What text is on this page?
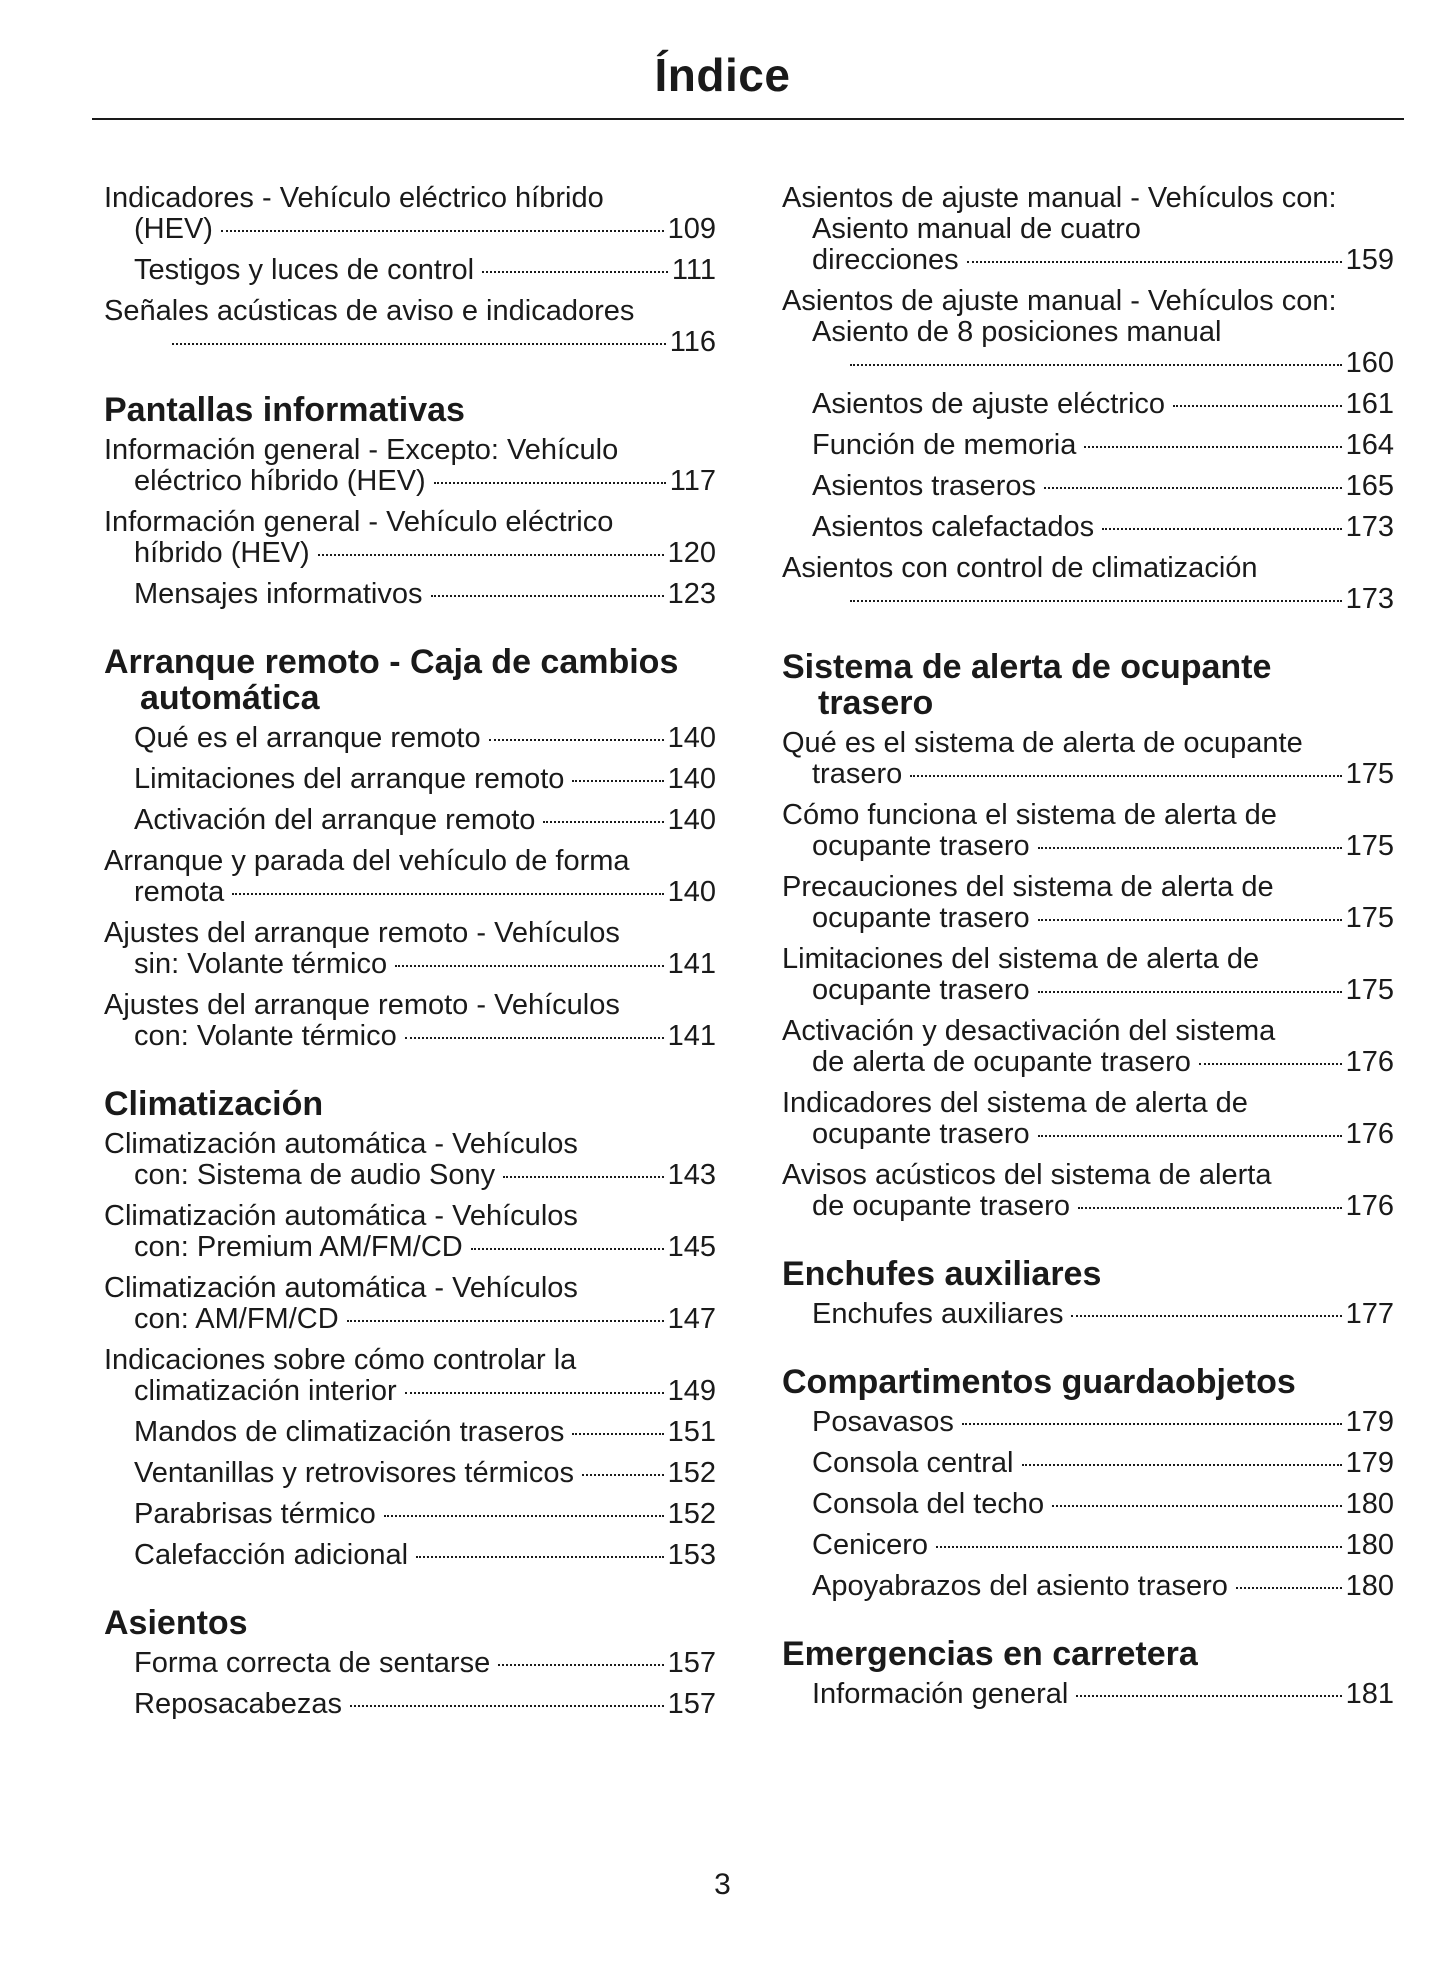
Índice
Indicadores - Vehículo eléctrico híbrido
(HEV)	109
Testigos y luces de control	111
Señales acústicas de aviso e indicadores
116
Pantallas informativas
Información general - Excepto: Vehículo
eléctrico híbrido (HEV)	117
Información general - Vehículo eléctrico
híbrido (HEV)	120
Mensajes informativos	123
Arranque remoto - Caja de cambios automática
Qué es el arranque remoto	140
Limitaciones del arranque remoto	140
Activación del arranque remoto	140
Arranque y parada del vehículo de forma
remota	140
Ajustes del arranque remoto - Vehículos
sin: Volante térmico	141
Ajustes del arranque remoto - Vehículos
con: Volante térmico	141
Climatización
Climatización automática - Vehículos
con: Sistema de audio Sony	143
Climatización automática - Vehículos
con: Premium AM/FM/CD	145
Climatización automática - Vehículos
con: AM/FM/CD	147
Indicaciones sobre cómo controlar la
climatización interior	149
Mandos de climatización traseros	151
Ventanillas y retrovisores térmicos	152
Parabrisas térmico	152
Calefacción adicional	153
Asientos
Forma correcta de sentarse	157
Reposacabezas	157
Asientos de ajuste manual - Vehículos con: Asiento manual de cuatro
direcciones	159
Asientos de ajuste manual - Vehículos con: Asiento de 8 posiciones manual
160
Asientos de ajuste eléctrico	161
Función de memoria	164
Asientos traseros	165
Asientos calefactados	173
Asientos con control de climatización
173
Sistema de alerta de ocupante trasero
Qué es el sistema de alerta de ocupante
trasero	175
Cómo funciona el sistema de alerta de
ocupante trasero	175
Precauciones del sistema de alerta de
ocupante trasero	175
Limitaciones del sistema de alerta de
ocupante trasero	175
Activación y desactivación del sistema
de alerta de ocupante trasero	176
Indicadores del sistema de alerta de
ocupante trasero	176
Avisos acústicos del sistema de alerta
de ocupante trasero	176
Enchufes auxiliares
Enchufes auxiliares	177
Compartimentos guardaobjetos
Posavasos	179
Consola central	179
Consola del techo	180
Cenicero	180
Apoyabrazos del asiento trasero	180
Emergencias en carretera
Información general	181
3
